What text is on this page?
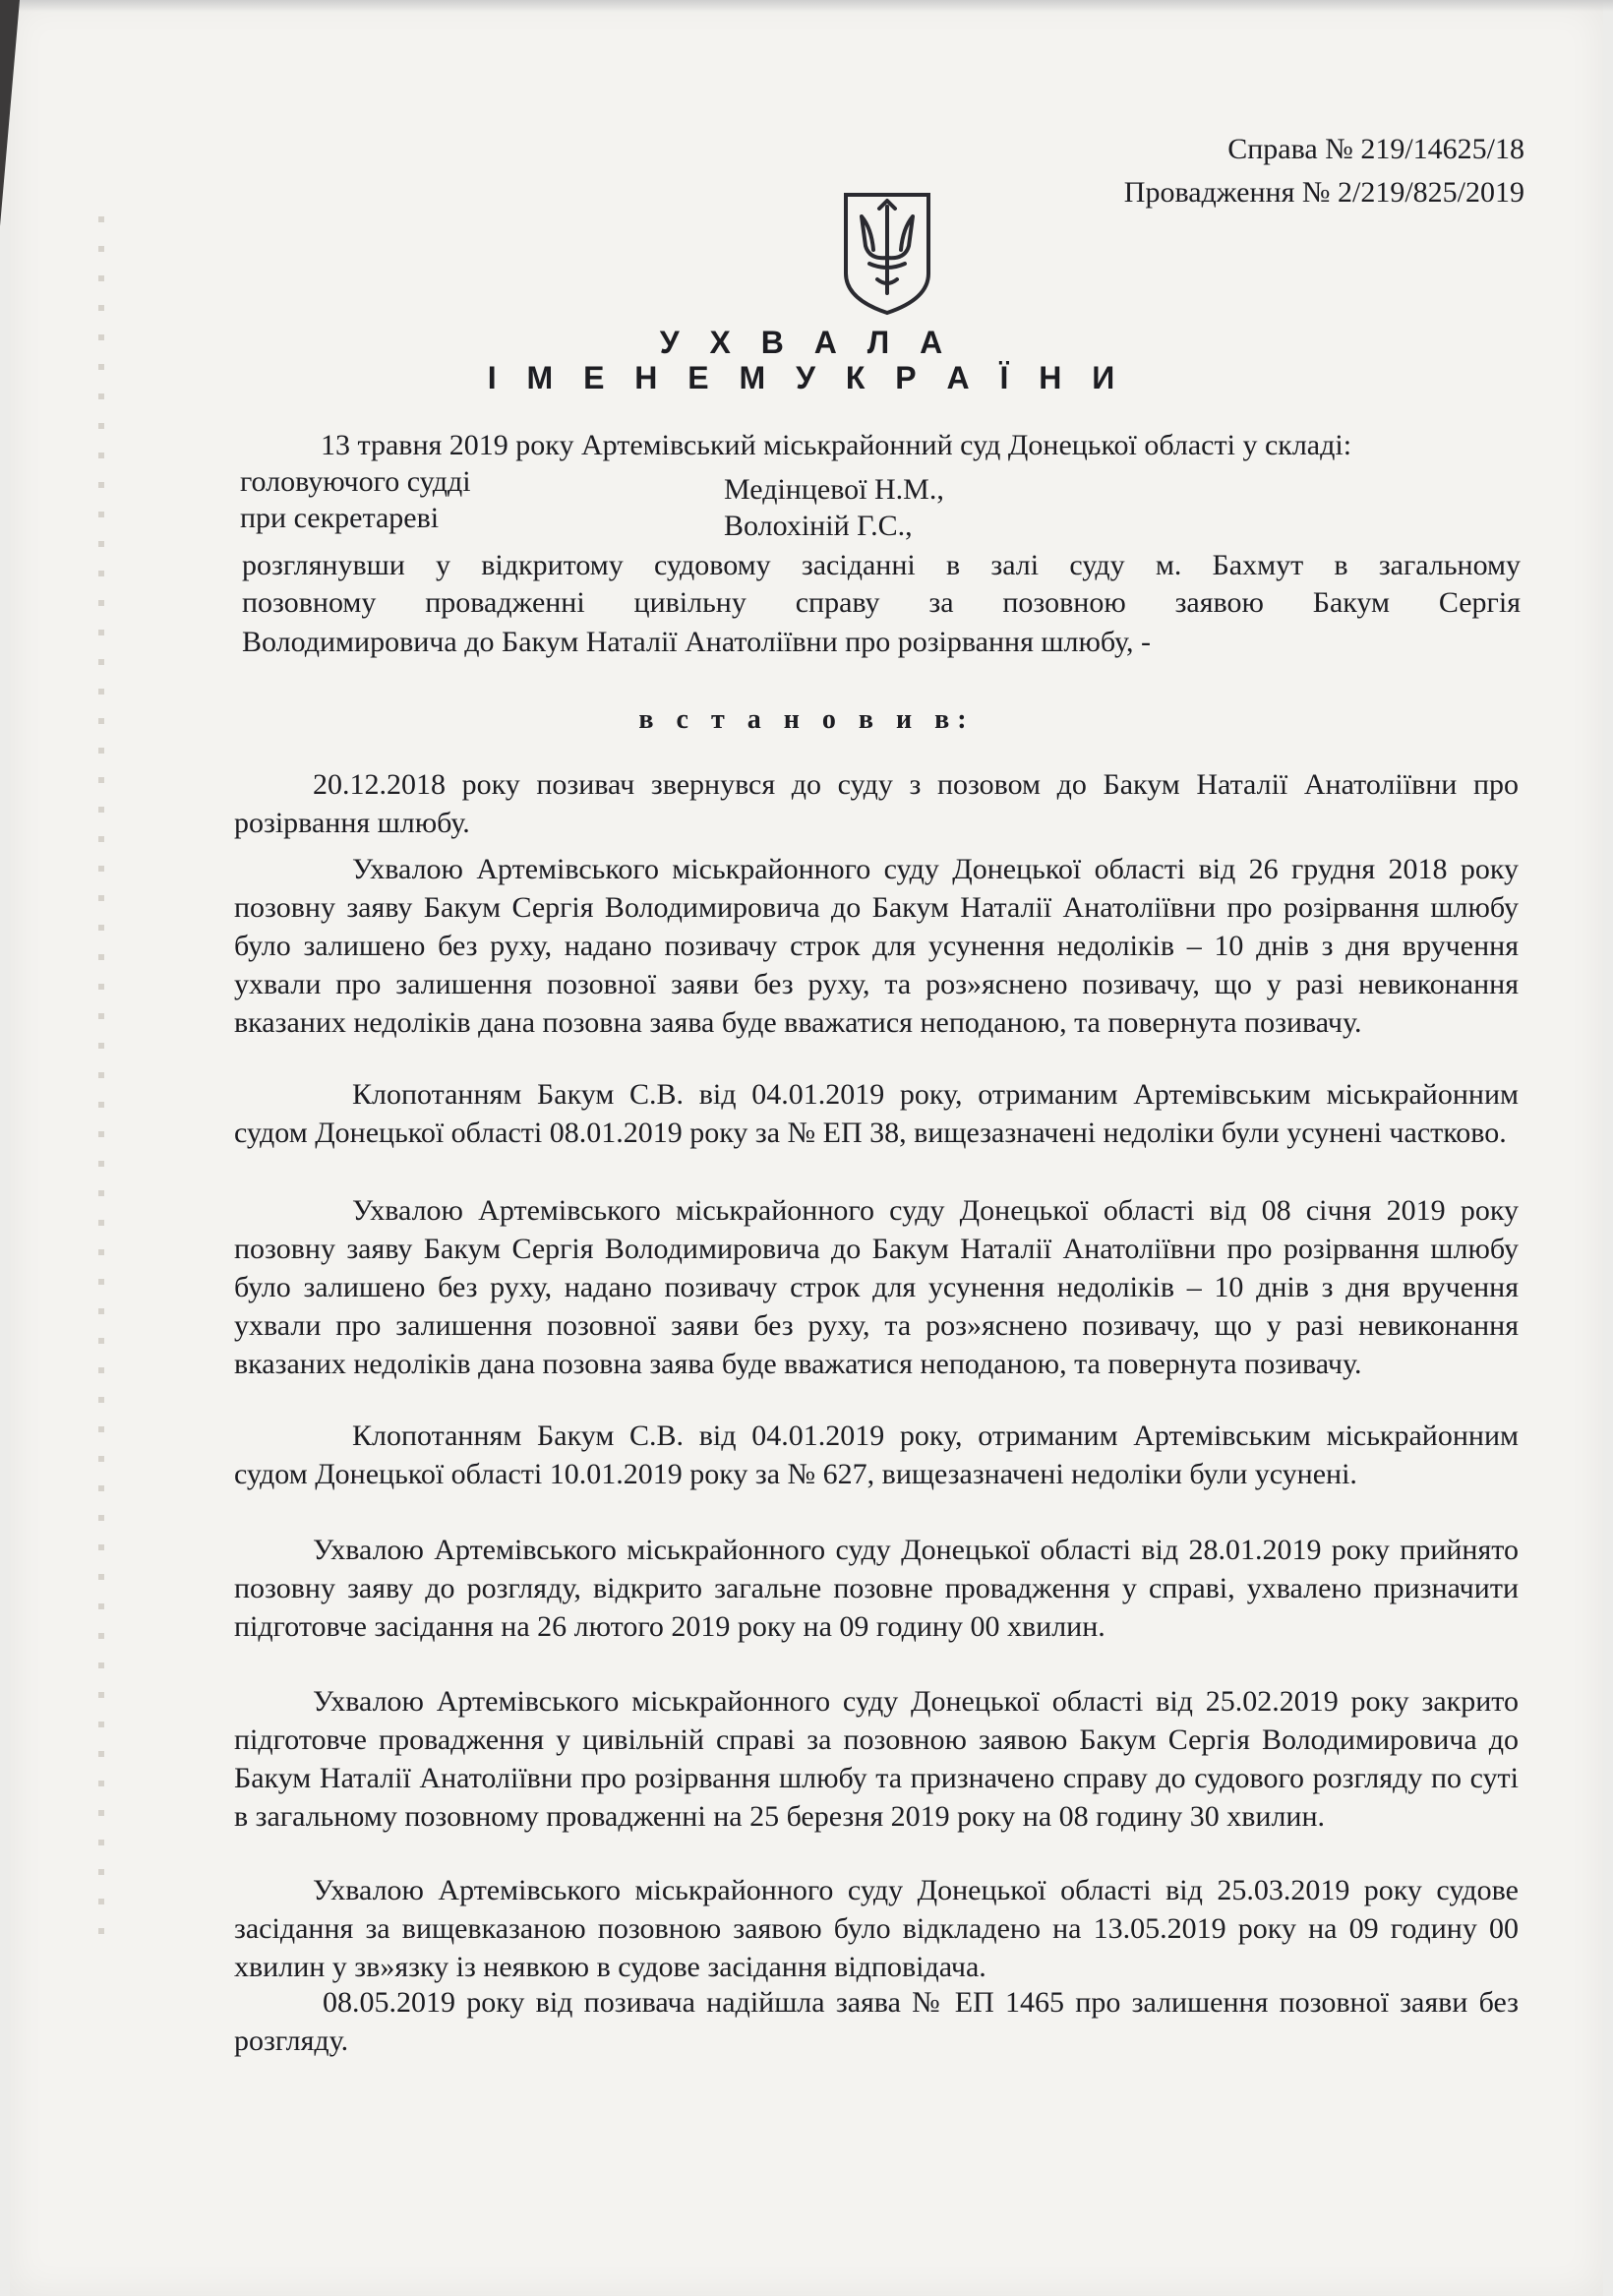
Справа № 219/14625/18
Провадження № 2/219/825/2019
У Х В А Л А
І М Е Н Е М У К Р А Ї Н И
13 травня 2019 року Артемівський міськрайонний суд Донецької області у складі:
головуючого судді	Медінцевої Н.М.,
при секретареві	Волохіній Г.С.,
розглянувши у відкритому судовому засіданні в залі суду м. Бахмут в загальному
позовному провадженні цивільну справу за позовною заявою Бакум Сергія
Володимировича до Бакум Наталії Анатоліївни про розірвання шлюбу, -
в с т а н о в и в:
20.12.2018 року позивач звернувся до суду з позовом до Бакум Наталії Анатоліївни про розірвання шлюбу.
Ухвалою Артемівського міськрайонного суду Донецької області від 26 грудня 2018 року позовну заяву Бакум Сергія Володимировича до Бакум Наталії Анатоліївни про розірвання шлюбу було залишено без руху, надано позивачу строк для усунення недоліків – 10 днів з дня вручення ухвали про залишення позовної заяви без руху, та роз»яснено позивачу, що у разі невиконання вказаних недоліків дана позовна заява буде вважатися неподаною, та повернута позивачу.
Клопотанням Бакум С.В. від 04.01.2019 року, отриманим Артемівським міськрайонним судом Донецької області 08.01.2019 року за № ЕП 38, вищезазначені недоліки були усунені частково.
Ухвалою Артемівського міськрайонного суду Донецької області від 08 січня 2019 року позовну заяву Бакум Сергія Володимировича до Бакум Наталії Анатоліївни про розірвання шлюбу було залишено без руху, надано позивачу строк для усунення недоліків – 10 днів з дня вручення ухвали про залишення позовної заяви без руху, та роз»яснено позивачу, що у разі невиконання вказаних недоліків дана позовна заява буде вважатися неподаною, та повернута позивачу.
Клопотанням Бакум С.В. від 04.01.2019 року, отриманим Артемівським міськрайонним судом Донецької області 10.01.2019 року за № 627, вищезазначені недоліки були усунені.
Ухвалою Артемівського міськрайонного суду Донецької області від 28.01.2019 року прийнято позовну заяву до розгляду, відкрито загальне позовне провадження у справі, ухвалено призначити підготовче засідання на 26 лютого 2019 року на 09 годину 00 хвилин.
Ухвалою Артемівського міськрайонного суду Донецької області від 25.02.2019 року закрито підготовче провадження у цивільній справі за позовною заявою Бакум Сергія Володимировича до Бакум Наталії Анатоліївни про розірвання шлюбу та призначено справу до судового розгляду по суті в загальному позовному провадженні на 25 березня 2019 року на 08 годину 30 хвилин.
Ухвалою Артемівського міськрайонного суду Донецької області від 25.03.2019 року судове засідання за вищевказаною позовною заявою було відкладено на 13.05.2019 року на 09 годину 00 хвилин у зв»язку із неявкою в судове засідання відповідача.
08.05.2019 року від позивача надійшла заява № ЕП 1465 про залишення позовної заяви без розгляду.
